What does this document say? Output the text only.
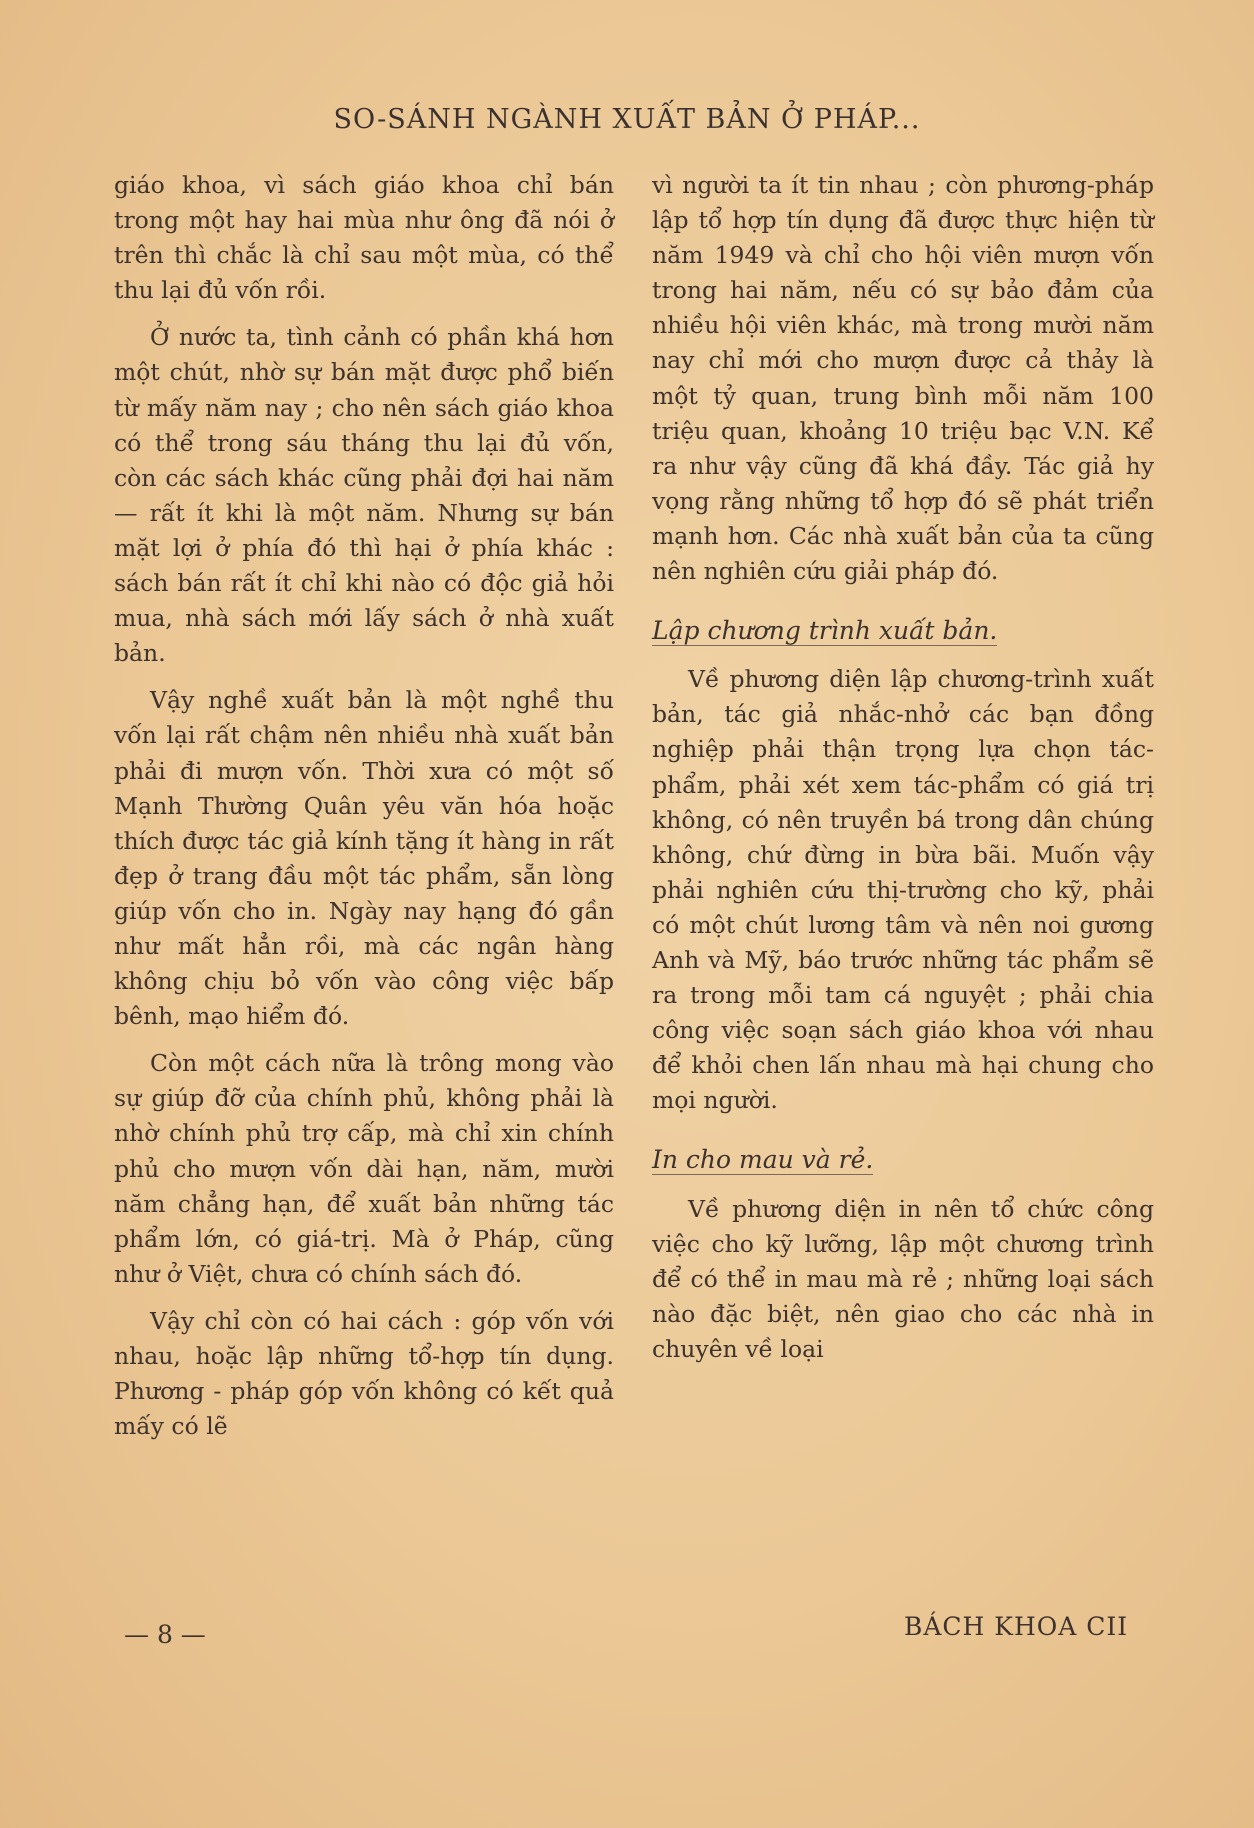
SO-SÁNH NGÀNH XUẤT BẢN Ở PHÁP...

giáo khoa, vì sách giáo khoa chỉ bán trong một hay hai mùa như ông đã nói ở trên thì chắc là chỉ sau một mùa, có thể thu lại đủ vốn rồi.

Ở nước ta, tình cảnh có phần khá hơn một chút, nhờ sự bán mặt được phổ biến từ mấy năm nay ; cho nên sách giáo khoa có thể trong sáu tháng thu lại đủ vốn, còn các sách khác cũng phải đợi hai năm — rất ít khi là một năm. Nhưng sự bán mặt lợi ở phía đó thì hại ở phía khác : sách bán rất ít chỉ khi nào có độc giả hỏi mua, nhà sách mới lấy sách ở nhà xuất bản.

Vậy nghề xuất bản là một nghề thu vốn lại rất chậm nên nhiều nhà xuất bản phải đi mượn vốn. Thời xưa có một số Mạnh Thường Quân yêu văn hóa hoặc thích được tác giả kính tặng ít hàng in rất đẹp ở trang đầu một tác phẩm, sẵn lòng giúp vốn cho in. Ngày nay hạng đó gần như mất hẳn rồi, mà các ngân hàng không chịu bỏ vốn vào công việc bấp bênh, mạo hiểm đó.

Còn một cách nữa là trông mong vào sự giúp đỡ của chính phủ, không phải là nhờ chính phủ trợ cấp, mà chỉ xin chính phủ cho mượn vốn dài hạn, năm, mười năm chẳng hạn, để xuất bản những tác phẩm lớn, có giá-trị. Mà ở Pháp, cũng như ở Việt, chưa có chính sách đó.

Vậy chỉ còn có hai cách : góp vốn với nhau, hoặc lập những tổ-hợp tín dụng. Phương - pháp góp vốn không có kết quả mấy có lẽ

vì người ta ít tin nhau ; còn phương-pháp lập tổ hợp tín dụng đã được thực hiện từ năm 1949 và chỉ cho hội viên mượn vốn trong hai năm, nếu có sự bảo đảm của nhiều hội viên khác, mà trong mười năm nay chỉ mới cho mượn được cả thảy là một tỷ quan, trung bình mỗi năm 100 triệu quan, khoảng 10 triệu bạc V.N. Kể ra như vậy cũng đã khá đầy. Tác giả hy vọng rằng những tổ hợp đó sẽ phát triển mạnh hơn. Các nhà xuất bản của ta cũng nên nghiên cứu giải pháp đó.

Lập chương trình xuất bản.

Về phương diện lập chương-trình xuất bản, tác giả nhắc-nhở các bạn đồng nghiệp phải thận trọng lựa chọn tác-phẩm, phải xét xem tác-phẩm có giá trị không, có nên truyền bá trong dân chúng không, chứ đừng in bừa bãi. Muốn vậy phải nghiên cứu thị-trường cho kỹ, phải có một chút lương tâm và nên noi gương Anh và Mỹ, báo trước những tác phẩm sẽ ra trong mỗi tam cá nguyệt ; phải chia công việc soạn sách giáo khoa với nhau để khỏi chen lấn nhau mà hại chung cho mọi người.

In cho mau và rẻ.

Về phương diện in nên tổ chức công việc cho kỹ lưỡng, lập một chương trình để có thể in mau mà rẻ ; những loại sách nào đặc biệt, nên giao cho các nhà in chuyên về loại

— 8 —	BÁCH KHOA CII
